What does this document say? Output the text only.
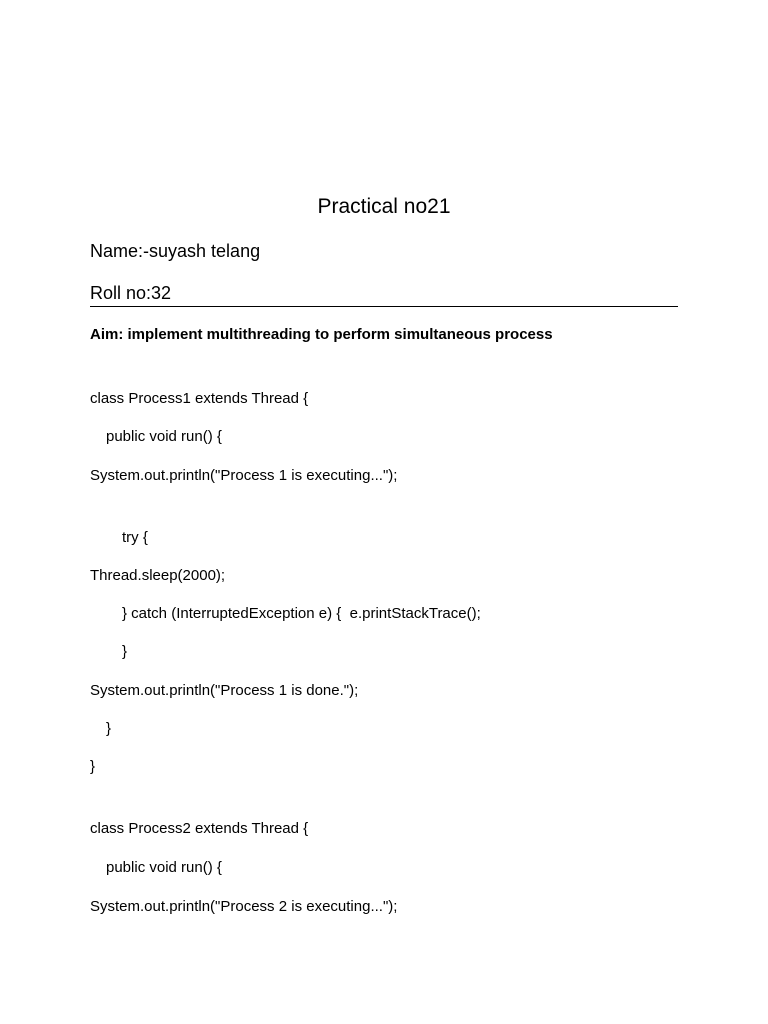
Practical no21
Name:-suyash telang
Roll no:32
Aim: implement multithreading to perform simultaneous process
class Process1 extends Thread {
public void run() {
System.out.println("Process 1 is executing...");
try {
Thread.sleep(2000);
} catch (InterruptedException e) {  e.printStackTrace();
}
System.out.println("Process 1 is done.");
}
}
class Process2 extends Thread {
public void run() {
System.out.println("Process 2 is executing...");
